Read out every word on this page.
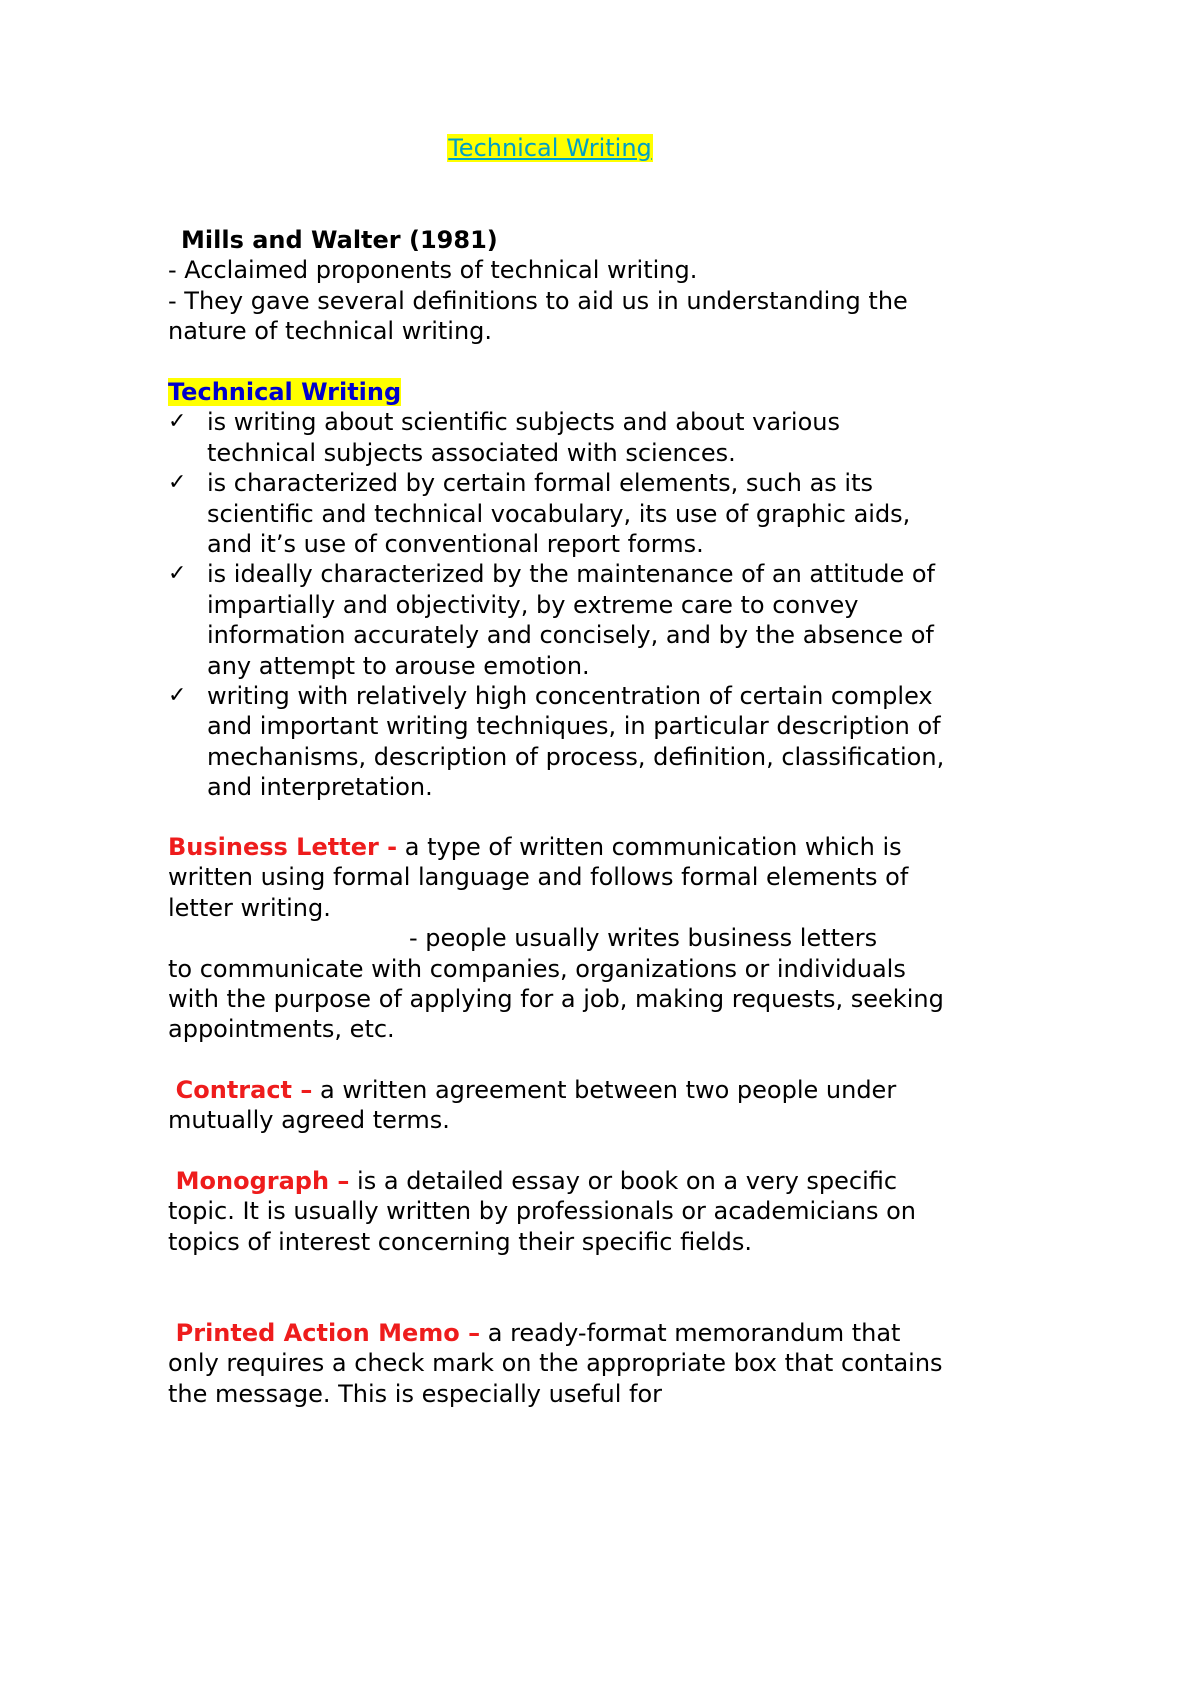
Technical Writing

Mills and Walter (1981)

- Acclaimed proponents of technical writing.

- They gave several definitions to aid us in understanding the nature of technical writing.

Technical Writing

✓ is writing about scientific subjects and about various technical subjects associated with sciences.
✓ is characterized by certain formal elements, such as its scientific and technical vocabulary, its use of graphic aids, and it’s use of conventional report forms.
✓ is ideally characterized by the maintenance of an attitude of impartially and objectivity, by extreme care to convey information accurately and concisely, and by the absence of any attempt to arouse emotion.
✓ writing with relatively high concentration of certain complex and important writing techniques, in particular description of mechanisms, description of process, definition, classification, and interpretation.

Business Letter - a type of written communication which is written using formal language and follows formal elements of letter writing.

- people usually writes business letters

to communicate with companies, organizations or individuals with the purpose of applying for a job, making requests, seeking appointments, etc.

Contract – a written agreement between two people under mutually agreed terms.

Monograph – is a detailed essay or book on a very specific topic. It is usually written by professionals or academicians on topics of interest concerning their specific fields.

Printed Action Memo – a ready-format memorandum that only requires a check mark on the appropriate box that contains the message. This is especially useful for
